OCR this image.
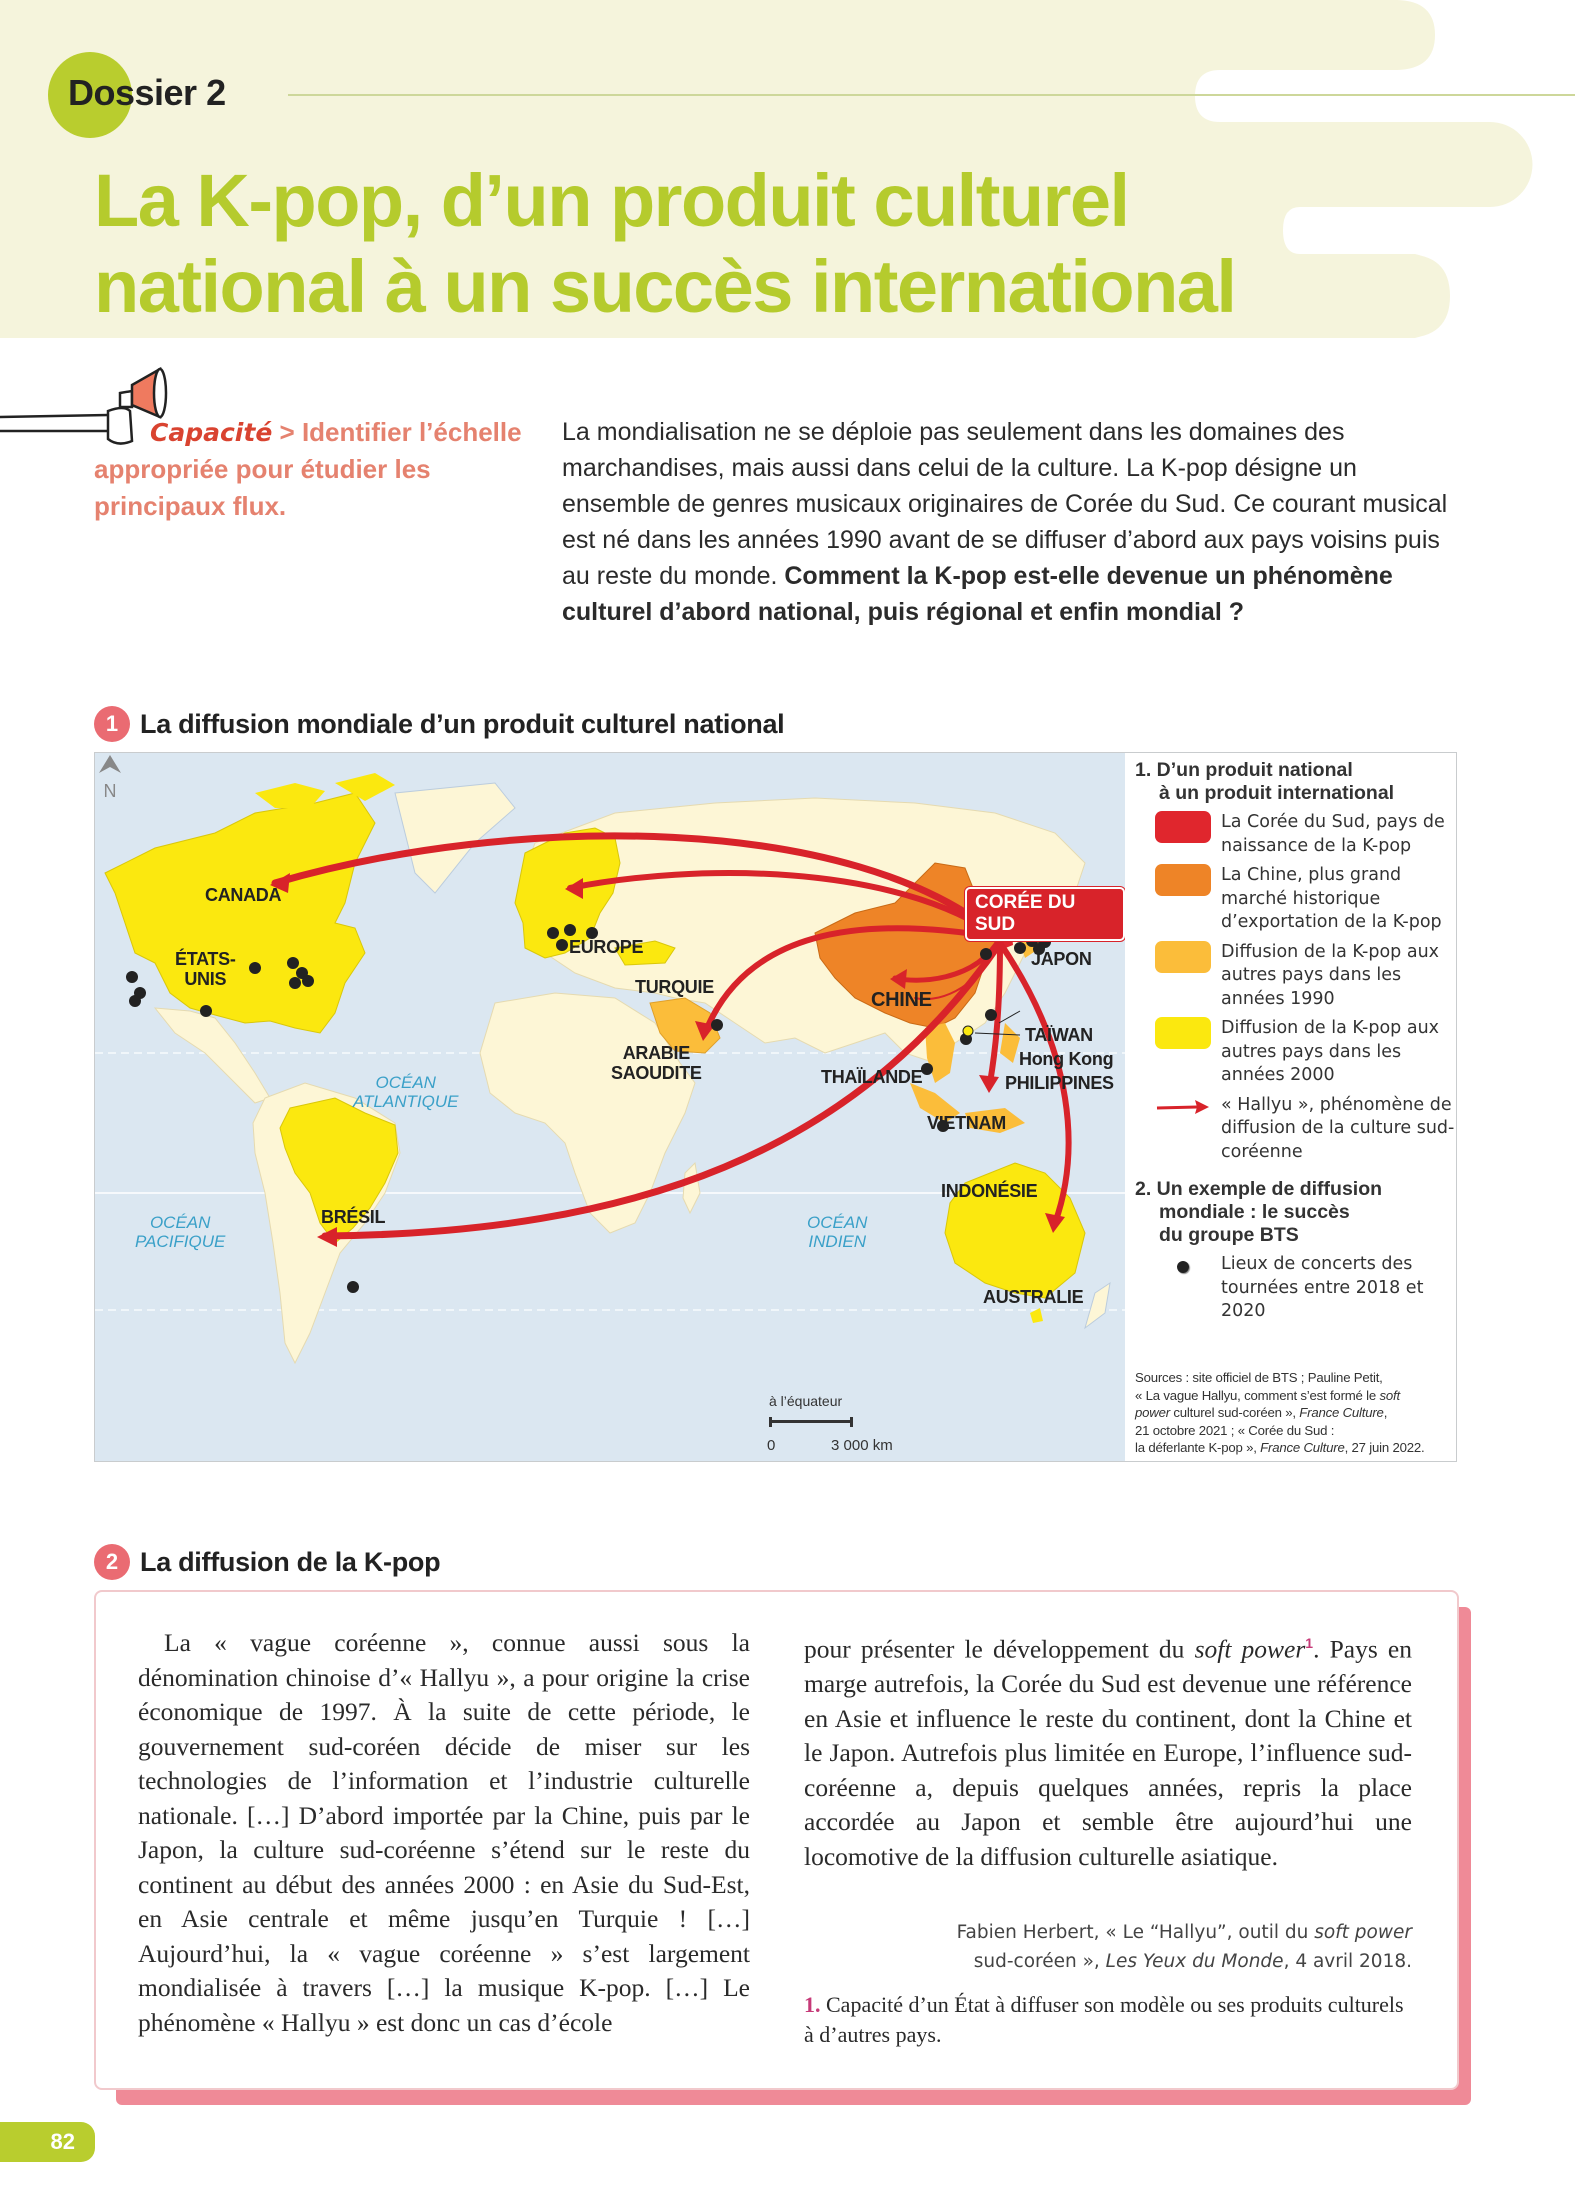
Dossier 2
La K-pop, d’un produit culturel
national à un succès international
Capacité > Identifier l’échelle
appropriée pour étudier les
principaux flux.
La mondialisation ne se déploie pas seulement dans les domaines des marchandises, mais aussi dans celui de la culture. La K-pop désigne un ensemble de genres musicaux originaires de Corée du Sud. Ce courant musical est né dans les années 1990 avant de se diffuser d’abord aux pays voisins puis au reste du monde. Comment la K-pop est-elle devenue un phénomène culturel d’abord national, puis régional et enfin mondial ?
1 La diffusion mondiale d’un produit culturel national
N
CORÉE DU SUD
CANADA
ÉTATS-
UNIS
EUROPE
TURQUIE
ARABIE
SAOUDITE
CHINE
JAPON
TAÏWAN
Hong Kong
PHILIPPINES
THAÏLANDE
VIETNAM
INDONÉSIE
AUSTRALIE
BRÉSIL
OCÉAN
ATLANTIQUE
OCÉAN
PACIFIQUE
OCÉAN
INDIEN
à l’équateur
0	3 000 km
1. D’un produit national
à un produit international
La Corée du Sud, pays de naissance de la K-pop
La Chine, plus grand marché historique d’exportation de la K-pop
Diffusion de la K-pop aux autres pays dans les années 1990
Diffusion de la K-pop aux autres pays dans les années 2000
« Hallyu », phénomène de diffusion de la culture sud-coréenne
2. Un exemple de diffusion
mondiale : le succès
du groupe BTS
Lieux de concerts des tournées entre 2018 et 2020
Sources : site officiel de BTS ; Pauline Petit,
« La vague Hallyu, comment s’est formé le soft
power culturel sud-coréen », France Culture,
21 octobre 2021 ; « Corée du Sud :
la déferlante K-pop », France Culture, 27 juin 2022.
2 La diffusion de la K-pop

La « vague coréenne », connue aussi sous la dénomination chinoise d’« Hallyu », a pour origine la crise économique de 1997. À la suite de cette période, le gouvernement sud-coréen décide de miser sur les technologies de l’information et l’industrie culturelle nationale. […] D’abord importée par la Chine, puis par le Japon, la culture sud-coréenne s’étend sur le reste du continent au début des années 2000 : en Asie du Sud-Est, en Asie centrale et même jusqu’en Turquie ! […] Aujourd’hui, la « vague coréenne » s’est largement mondialisée à travers […] la musique K-pop. […] Le phénomène « Hallyu » est donc un cas d’école

pour présenter le développement du soft power$^1$. Pays en marge autrefois, la Corée du Sud est devenue une référence en Asie et influence le reste du continent, dont la Chine et le Japon. Autrefois plus limitée en Europe, l’influence sud-coréenne a, depuis quelques années, repris la place accordée au Japon et semble être aujourd’hui une locomotive de la diffusion culturelle asiatique.

Fabien Herbert, « Le “Hallyu”, outil du soft power
sud-coréen », Les Yeux du Monde, 4 avril 2018.
1. Capacité d’un État à diffuser son modèle ou ses produits culturels à d’autres pays.
82
